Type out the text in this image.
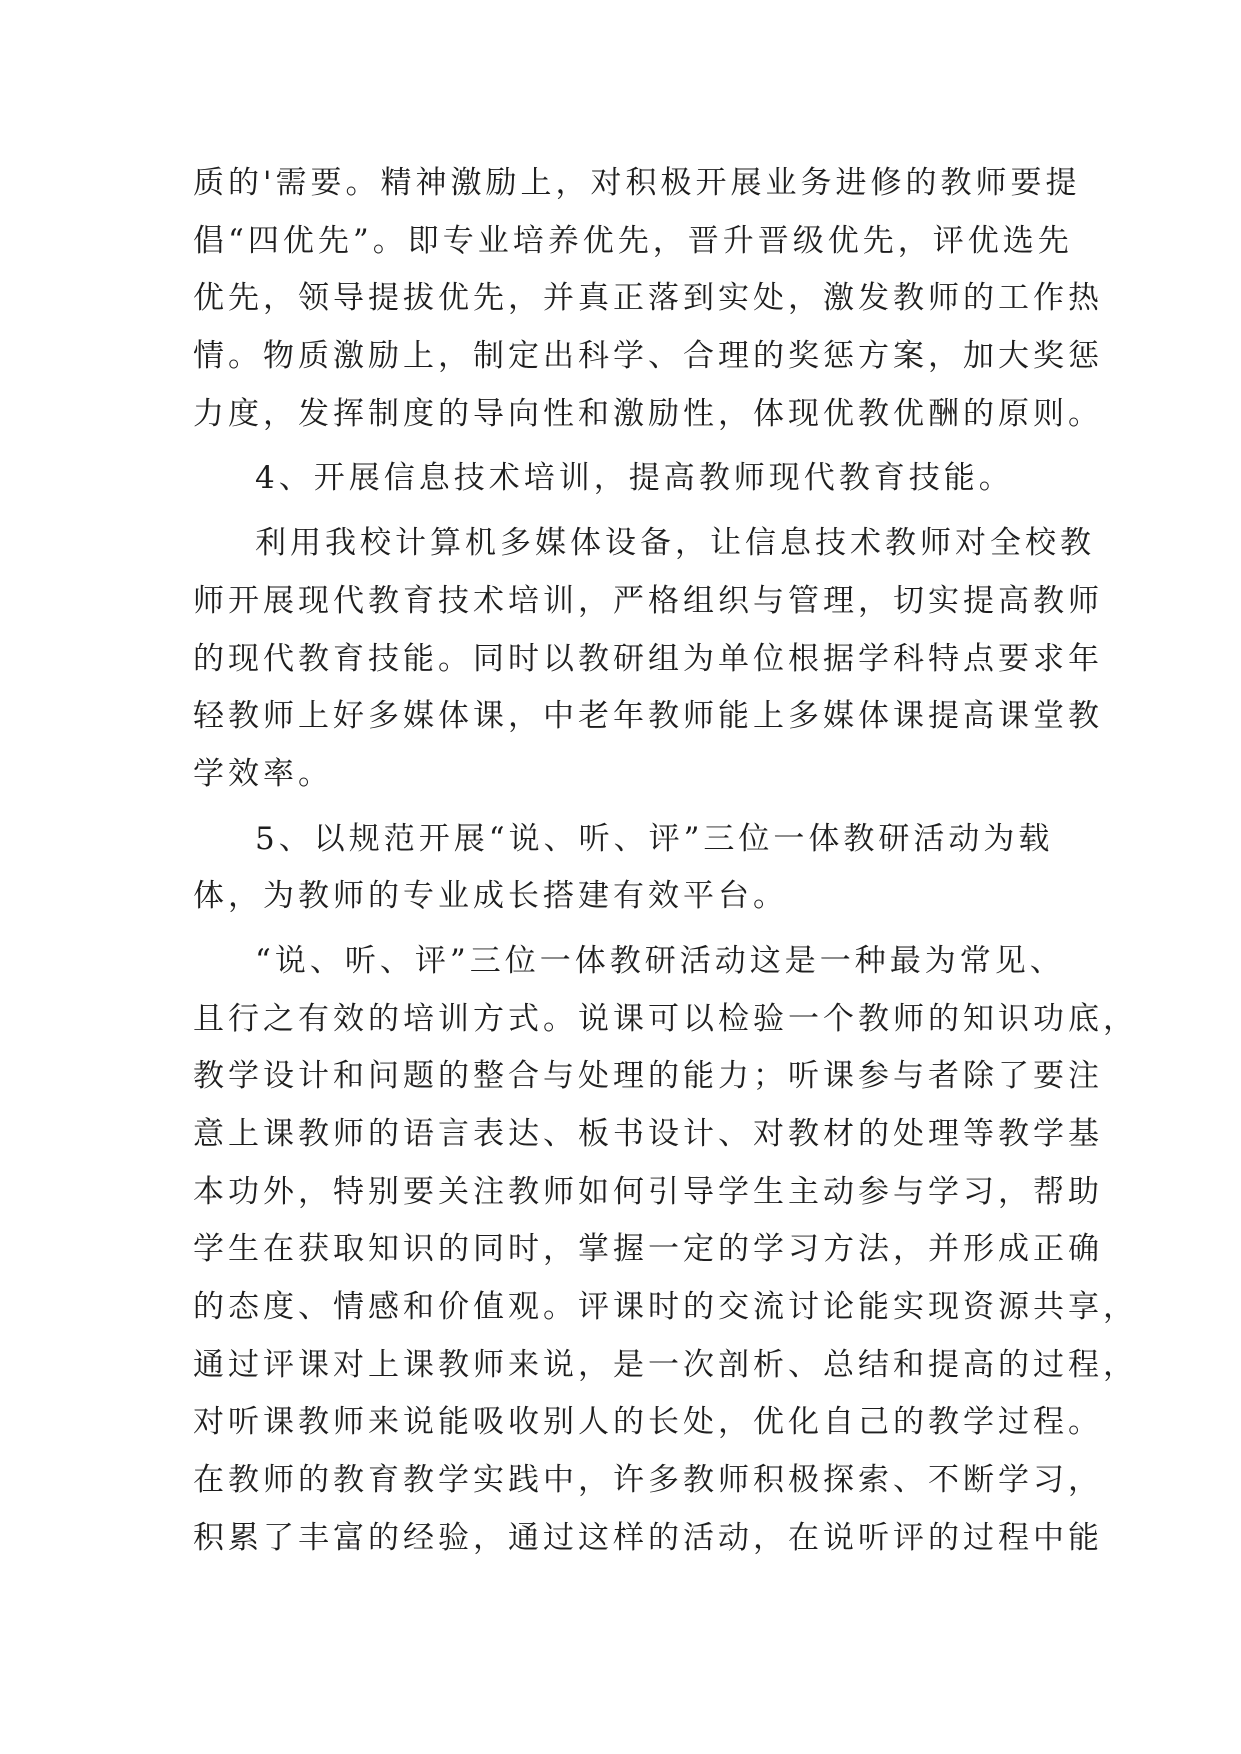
质的'需要。精神激励上，对积极开展业务进修的教师要提
倡“四优先”。即专业培养优先，晋升晋级优先，评优选先
优先，领导提拔优先，并真正落到实处，激发教师的工作热
情。物质激励上，制定出科学、合理的奖惩方案，加大奖惩
力度，发挥制度的导向性和激励性，体现优教优酬的原则。
4、开展信息技术培训，提高教师现代教育技能。
利用我校计算机多媒体设备，让信息技术教师对全校教
师开展现代教育技术培训，严格组织与管理，切实提高教师
的现代教育技能。同时以教研组为单位根据学科特点要求年
轻教师上好多媒体课，中老年教师能上多媒体课提高课堂教
学效率。
5、以规范开展“说、听、评”三位一体教研活动为载
体，为教师的专业成长搭建有效平台。
“说、听、评”三位一体教研活动这是一种最为常见、
且行之有效的培训方式。说课可以检验一个教师的知识功底，
教学设计和问题的整合与处理的能力；听课参与者除了要注
意上课教师的语言表达、板书设计、对教材的处理等教学基
本功外，特别要关注教师如何引导学生主动参与学习，帮助
学生在获取知识的同时，掌握一定的学习方法，并形成正确
的态度、情感和价值观。评课时的交流讨论能实现资源共享，
通过评课对上课教师来说，是一次剖析、总结和提高的过程，
对听课教师来说能吸收别人的长处，优化自己的教学过程。
在教师的教育教学实践中，许多教师积极探索、不断学习，
积累了丰富的经验，通过这样的活动，在说听评的过程中能
